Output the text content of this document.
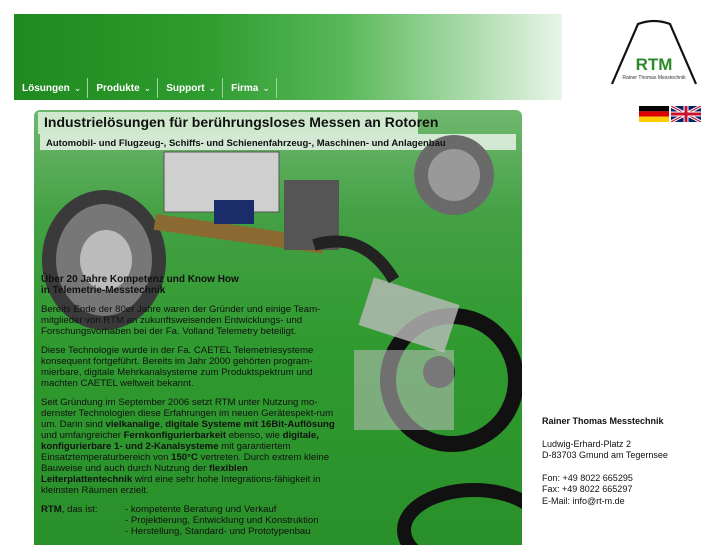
Lösungen ⌄	Produkte ⌄	Support ⌄	Firma ⌄
RTM
Rainer Thomas Messtechnik
Industrielösungen für berührungsloses Messen an Rotoren
Automobil- und Flugzeug-, Schiffs- und Schienenfahrzeug-, Maschinen- und Anlagenbau
Über 20 Jahre Kompetenz und Know How
in Telemetrie-Messtechnik

Bereits Ende der 80er Jahre waren der Gründer und einige Team-mitglieder von RTM an zukunftsweisenden Entwicklungs- und Forschungsvorhaben bei der Fa. Volland Telemetry beteiligt.

Diese Technologie wurde in der Fa. CAETEL Telemetriesysteme konsequent fortgeführt. Bereits im Jahr 2000 gehörten program-mierbare, digitale Mehrkanalsysteme zum Produktspektrum und machten CAETEL weltweit bekannt.

Seit Gründung im September 2006 setzt RTM unter Nutzung mo-dernster Technologien diese Erfahrungen im neuen Gerätespekt-rum um. Darin sind vielkanalige, digitale Systeme mit 16Bit-Auflösung und umfangreicher Fernkonfigurierbarkeit ebenso, wie digitale, konfigurierbare 1- und 2-Kanalsysteme mit garantiertem Einsatztemperaturbereich von 150°C vertreten. Durch extrem kleine Bauweise und auch durch Nutzung der flexiblen Leiterplattentechnik wird eine sehr hohe Integrations-fähigkeit in kleinsten Räumen erzielt.

RTM, das ist:	- kompetente Beratung und Verkauf
- Projektierung, Entwicklung und Konstruktion
- Herstellung, Standard- und Prototypenbau
Rainer Thomas Messtechnik
Ludwig-Erhard-Platz 2
D-83703 Gmund am Tegernsee
Fon: +49 8022 665295
Fax: +49 8022 665297
E-Mail: info@rt-m.de
